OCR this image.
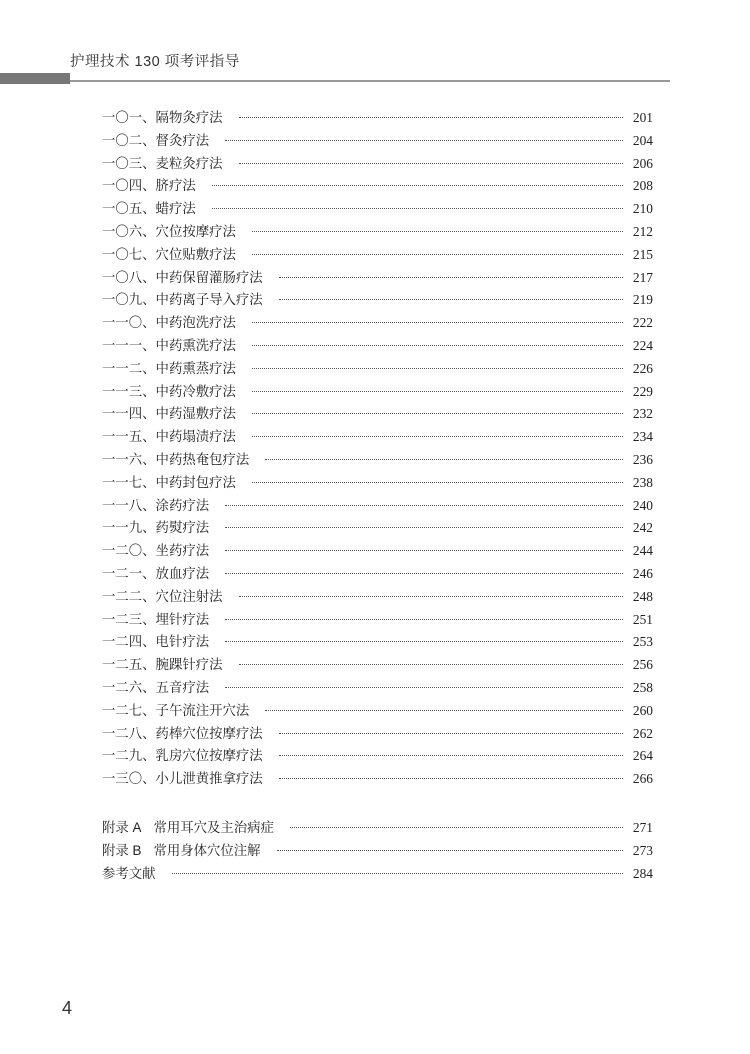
护理技术 130 项考评指导
一〇一、隔物灸疗法	201
一〇二、督灸疗法	204
一〇三、麦粒灸疗法	206
一〇四、脐疗法	208
一〇五、蜡疗法	210
一〇六、穴位按摩疗法	212
一〇七、穴位贴敷疗法	215
一〇八、中药保留灌肠疗法	217
一〇九、中药离子导入疗法	219
一一〇、中药泡洗疗法	222
一一一、中药熏洗疗法	224
一一二、中药熏蒸疗法	226
一一三、中药冷敷疗法	229
一一四、中药湿敷疗法	232
一一五、中药塌渍疗法	234
一一六、中药热奄包疗法	236
一一七、中药封包疗法	238
一一八、涂药疗法	240
一一九、药熨疗法	242
一二〇、坐药疗法	244
一二一、放血疗法	246
一二二、穴位注射法	248
一二三、埋针疗法	251
一二四、电针疗法	253
一二五、腕踝针疗法	256
一二六、五音疗法	258
一二七、子午流注开穴法	260
一二八、药棒穴位按摩疗法	262
一二九、乳房穴位按摩疗法	264
一三〇、小儿泄黄推拿疗法	266
附录 A 常用耳穴及主治病症	271
附录 B 常用身体穴位注解	273
参考文献	284
4
